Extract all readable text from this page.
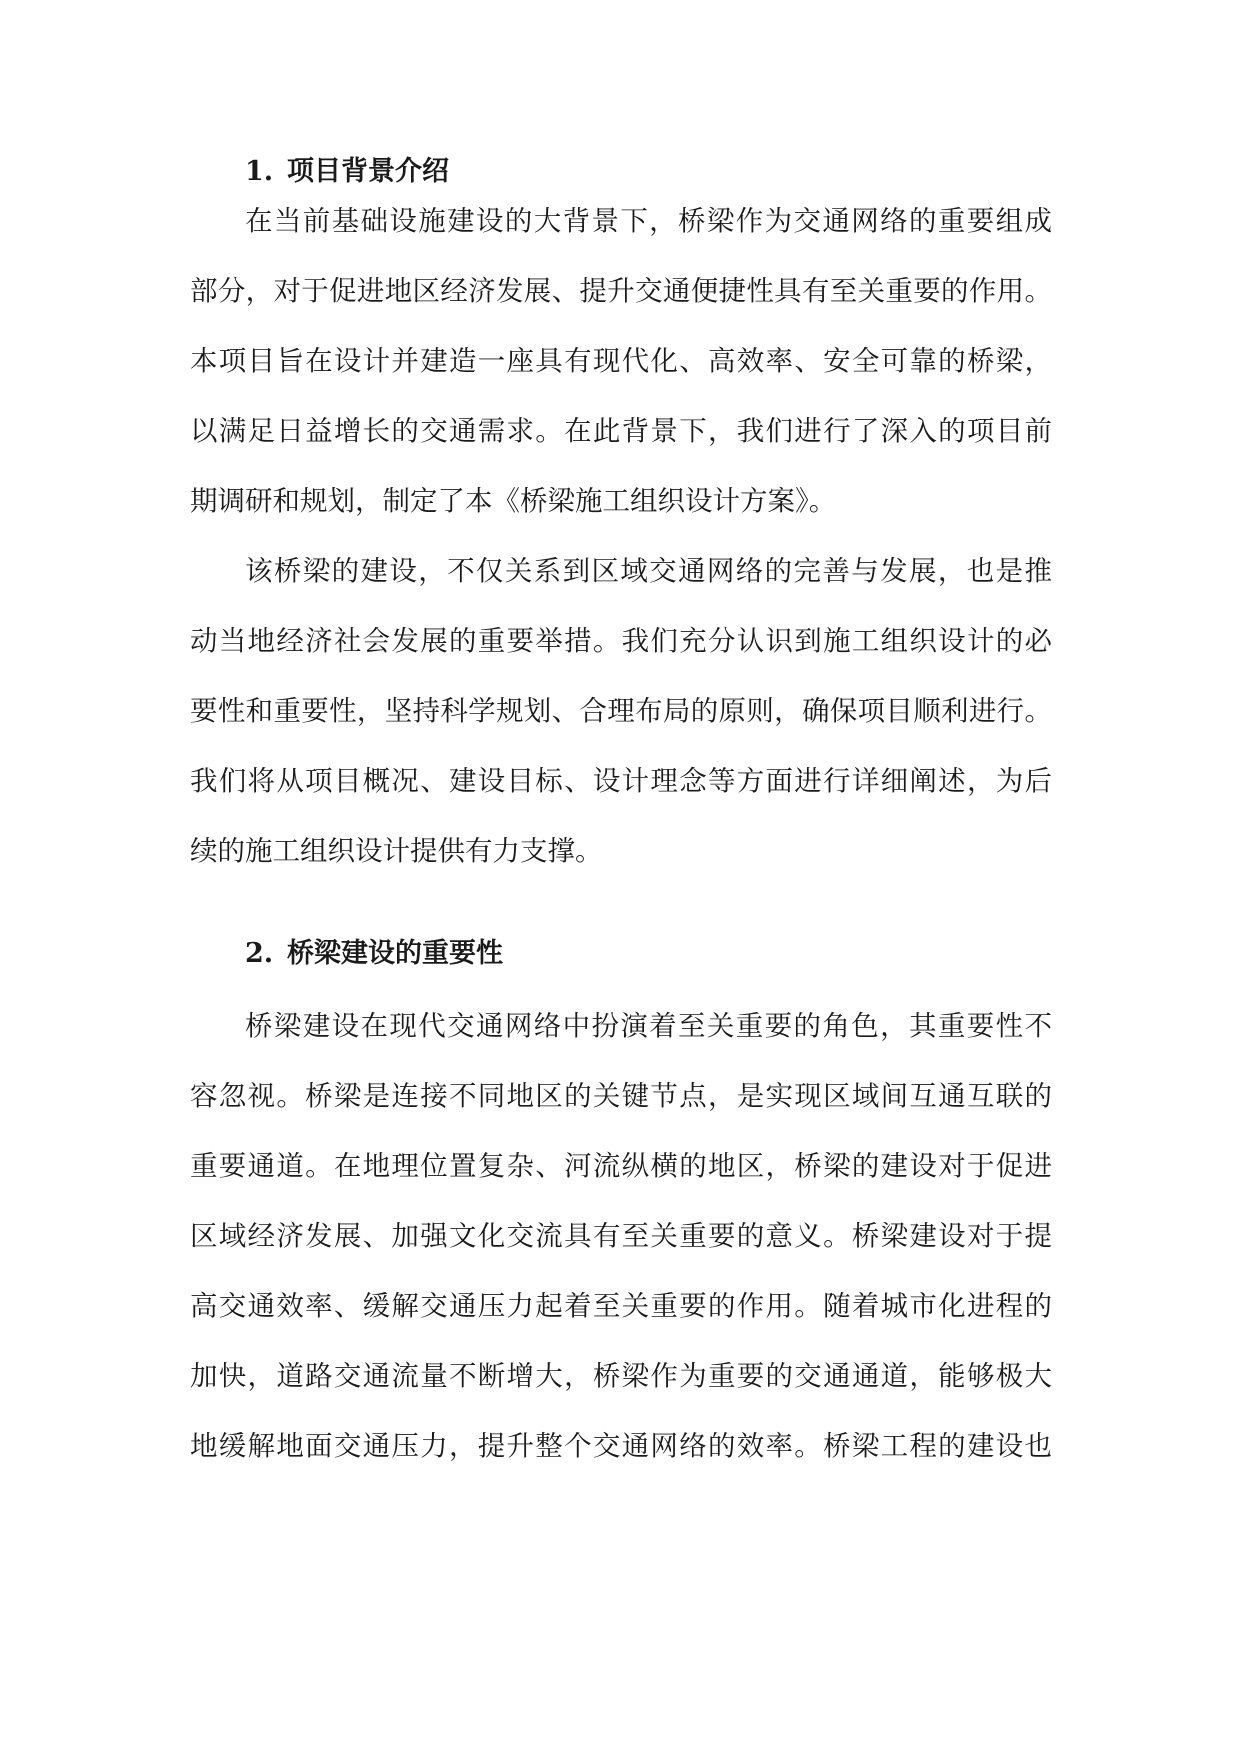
1. 项目背景介绍
在当前基础设施建设的大背景下，桥梁作为交通网络的重要组成
部分，对于促进地区经济发展、提升交通便捷性具有至关重要的作用。
本项目旨在设计并建造一座具有现代化、高效率、安全可靠的桥梁，
以满足日益增长的交通需求。在此背景下，我们进行了深入的项目前
期调研和规划，制定了本《桥梁施工组织设计方案》。
该桥梁的建设，不仅关系到区域交通网络的完善与发展，也是推
动当地经济社会发展的重要举措。我们充分认识到施工组织设计的必
要性和重要性，坚持科学规划、合理布局的原则，确保项目顺利进行。
我们将从项目概况、建设目标、设计理念等方面进行详细阐述，为后
续的施工组织设计提供有力支撑。
2. 桥梁建设的重要性
桥梁建设在现代交通网络中扮演着至关重要的角色，其重要性不
容忽视。桥梁是连接不同地区的关键节点，是实现区域间互通互联的
重要通道。在地理位置复杂、河流纵横的地区，桥梁的建设对于促进
区域经济发展、加强文化交流具有至关重要的意义。桥梁建设对于提
高交通效率、缓解交通压力起着至关重要的作用。随着城市化进程的
加快，道路交通流量不断增大，桥梁作为重要的交通通道，能够极大
地缓解地面交通压力，提升整个交通网络的效率。桥梁工程的建设也
